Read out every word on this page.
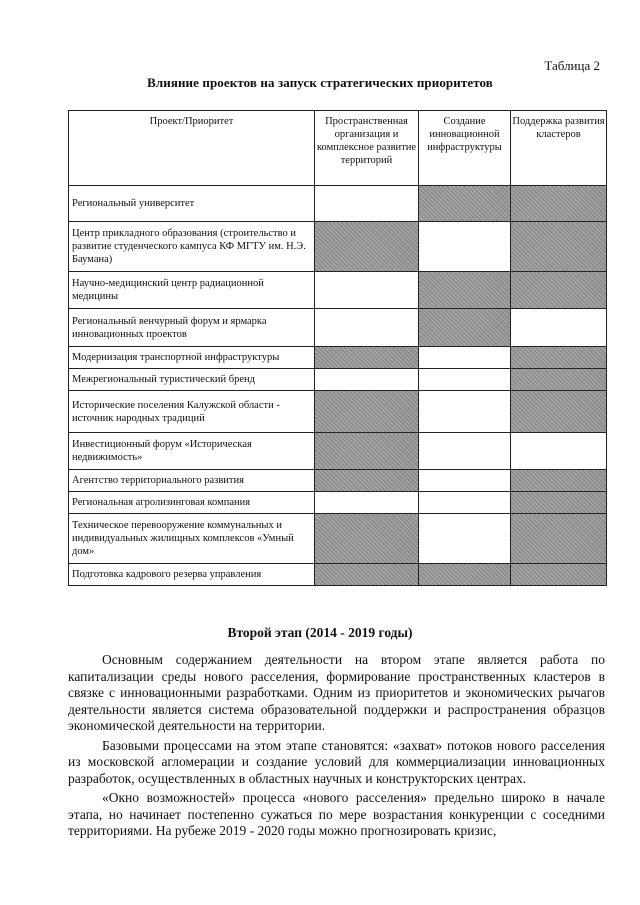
Таблица 2
Влияние проектов на запуск стратегических приоритетов
Проект/Приоритет	Пространственная организация и комплексное развитие территорий	Создание инновационной инфраструктуры	Поддержка развития кластеров
Региональный университет			
Центр прикладного образования (строительство и развитие студенческого кампуса КФ МГТУ им. Н.Э. Баумана)			
Научно-медицинский центр радиационной медицины			
Региональный венчурный форум и ярмарка инновационных проектов			
Модернизация транспортной инфраструктуры			
Межрегиональный туристический бренд			
Исторические поселения Калужской области - источник народных традиций			
Инвестиционный форум «Историческая недвижимость»			
Агентство территориального развития			
Региональная агролизинговая компания			
Техническое перевооружение коммунальных и индивидуальных жилищных комплексов «Умный дом»			
Подготовка кадрового резерва управления			
Второй этап (2014 - 2019 годы)

Основным содержанием деятельности на втором этапе является работа по капитализации среды нового расселения, формирование пространственных кластеров в связке с инновационными разработками. Одним из приоритетов и экономических рычагов деятельности является система образовательной поддержки и распространения образцов экономической деятельности на территории.

Базовыми процессами на этом этапе становятся: «захват» потоков нового расселения из московской агломерации и создание условий для коммерциализации инновационных разработок, осуществленных в областных научных и конструкторских центрах.

«Окно возможностей» процесса «нового расселения» предельно широко в начале этапа, но начинает постепенно сужаться по мере возрастания конкуренции с соседними территориями. На рубеже 2019 - 2020 годы можно прогнозировать кризис,
